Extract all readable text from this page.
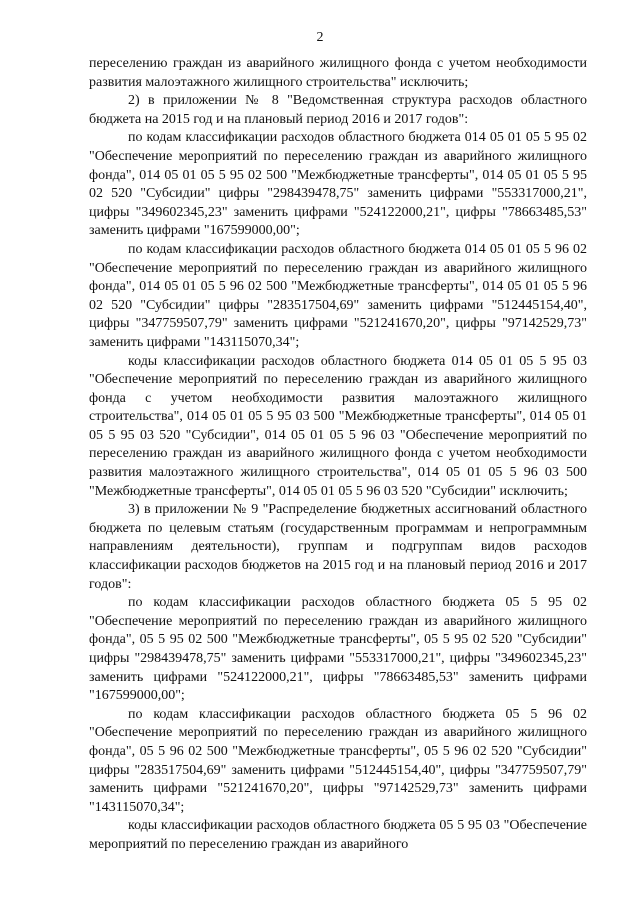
2

переселению граждан из аварийного жилищного фонда с учетом необходимости развития малоэтажного жилищного строительства" исключить;

2) в приложении № 8 "Ведомственная структура расходов областного бюджета на 2015 год и на плановый период 2016 и 2017 годов":

по кодам классификации расходов областного бюджета 014 05 01 05 5 95 02 "Обеспечение мероприятий по переселению граждан из аварийного жилищного фонда", 014 05 01 05 5 95 02 500 "Межбюджетные трансферты", 014 05 01 05 5 95 02 520 "Субсидии" цифры "298439478,75" заменить цифрами "553317000,21", цифры "349602345,23" заменить цифрами "524122000,21", цифры "78663485,53" заменить цифрами "167599000,00";

по кодам классификации расходов областного бюджета 014 05 01 05 5 96 02 "Обеспечение мероприятий по переселению граждан из аварийного жилищного фонда", 014 05 01 05 5 96 02 500 "Межбюджетные трансферты", 014 05 01 05 5 96 02 520 "Субсидии" цифры "283517504,69" заменить цифрами "512445154,40", цифры "347759507,79" заменить цифрами "521241670,20", цифры "97142529,73" заменить цифрами "143115070,34";

коды классификации расходов областного бюджета 014 05 01 05 5 95 03 "Обеспечение мероприятий по переселению граждан из аварийного жилищного фонда с учетом необходимости развития малоэтажного жилищного строительства", 014 05 01 05 5 95 03 500 "Межбюджетные трансферты", 014 05 01 05 5 95 03 520 "Субсидии", 014 05 01 05 5 96 03 "Обеспечение мероприятий по переселению граждан из аварийного жилищного фонда с учетом необходимости развития малоэтажного жилищного строительства", 014 05 01 05 5 96 03 500 "Межбюджетные трансферты", 014 05 01 05 5 96 03 520 "Субсидии" исключить;

3) в приложении № 9 "Распределение бюджетных ассигнований областного бюджета по целевым статьям (государственным программам и непрограммным направлениям деятельности), группам и подгруппам видов расходов классификации расходов бюджетов на 2015 год и на плановый период 2016 и 2017 годов":

по кодам классификации расходов областного бюджета 05 5 95 02 "Обеспечение мероприятий по переселению граждан из аварийного жилищного фонда", 05 5 95 02 500 "Межбюджетные трансферты", 05 5 95 02 520 "Субсидии" цифры "298439478,75" заменить цифрами "553317000,21", цифры "349602345,23" заменить цифрами "524122000,21", цифры "78663485,53" заменить цифрами "167599000,00";

по кодам классификации расходов областного бюджета 05 5 96 02 "Обеспечение мероприятий по переселению граждан из аварийного жилищного фонда", 05 5 96 02 500 "Межбюджетные трансферты", 05 5 96 02 520 "Субсидии" цифры "283517504,69" заменить цифрами "512445154,40", цифры "347759507,79" заменить цифрами "521241670,20", цифры "97142529,73" заменить цифрами "143115070,34";

коды классификации расходов областного бюджета 05 5 95 03 "Обеспечение мероприятий по переселению граждан из аварийного
